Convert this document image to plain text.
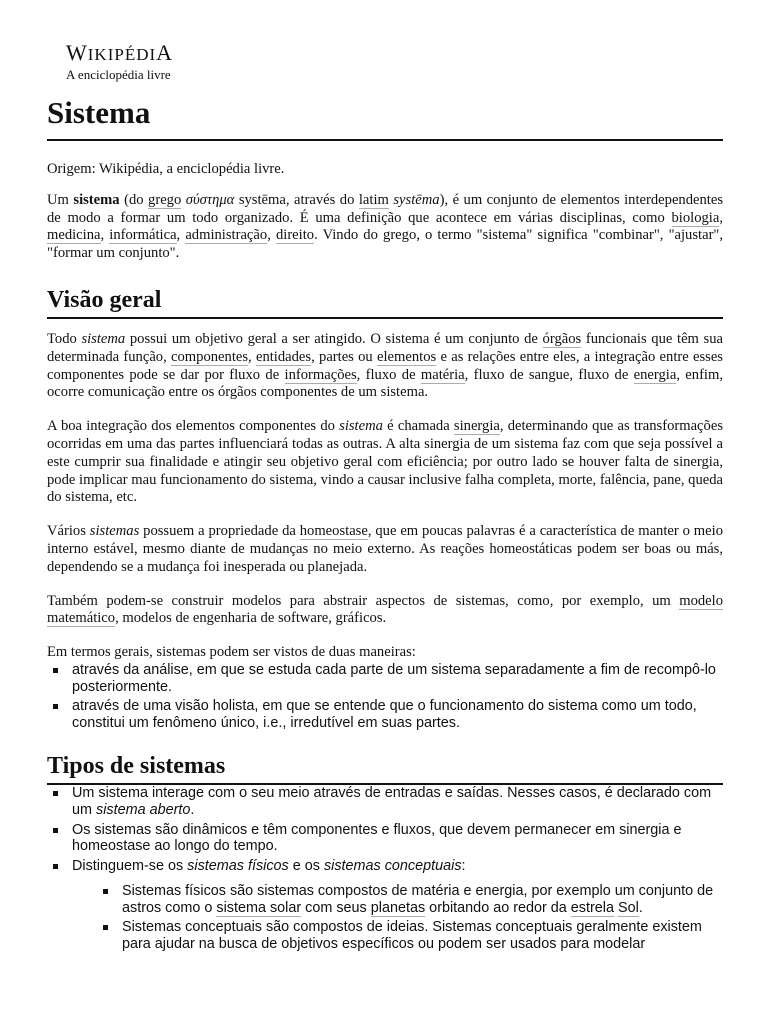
WIKIPÉDIA
A enciclopédia livre
Sistema

Origem: Wikipédia, a enciclopédia livre.

Um sistema (do grego σύστημα systēma, através do latim systēma), é um conjunto de elementos interdependentes de modo a formar um todo organizado. É uma definição que acontece em várias disciplinas, como biologia, medicina, informática, administração, direito. Vindo do grego, o termo "sistema" significa "combinar", "ajustar", "formar um conjunto".

Visão geral

Todo sistema possui um objetivo geral a ser atingido. O sistema é um conjunto de órgãos funcionais que têm sua determinada função, componentes, entidades, partes ou elementos e as relações entre eles, a integração entre esses componentes pode se dar por fluxo de informações, fluxo de matéria, fluxo de sangue, fluxo de energia, enfim, ocorre comunicação entre os órgãos componentes de um sistema.

A boa integração dos elementos componentes do sistema é chamada sinergia, determinando que as transformações ocorridas em uma das partes influenciará todas as outras. A alta sinergia de um sistema faz com que seja possível a este cumprir sua finalidade e atingir seu objetivo geral com eficiência; por outro lado se houver falta de sinergia, pode implicar mau funcionamento do sistema, vindo a causar inclusive falha completa, morte, falência, pane, queda do sistema, etc.

Vários sistemas possuem a propriedade da homeostase, que em poucas palavras é a característica de manter o meio interno estável, mesmo diante de mudanças no meio externo. As reações homeostáticas podem ser boas ou más, dependendo se a mudança foi inesperada ou planejada.

Também podem-se construir modelos para abstrair aspectos de sistemas, como, por exemplo, um modelo matemático, modelos de engenharia de software, gráficos.

Em termos gerais, sistemas podem ser vistos de duas maneiras:

através da análise, em que se estuda cada parte de um sistema separadamente a fim de recompô-lo posteriormente.
através de uma visão holista, em que se entende que o funcionamento do sistema como um todo, constitui um fenômeno único, i.e., irredutível em suas partes.
Tipos de sistemas
Um sistema interage com o seu meio através de entradas e saídas. Nesses casos, é declarado com um sistema aberto.
Os sistemas são dinâmicos e têm componentes e fluxos, que devem permanecer em sinergia e homeostase ao longo do tempo.
Distinguem-se os sistemas físicos e os sistemas conceptuais:
Sistemas físicos são sistemas compostos de matéria e energia, por exemplo um conjunto de astros como o sistema solar com seus planetas orbitando ao redor da estrela Sol.
Sistemas conceptuais são compostos de ideias. Sistemas conceptuais geralmente existem para ajudar na busca de objetivos específicos ou podem ser usados para modelar
